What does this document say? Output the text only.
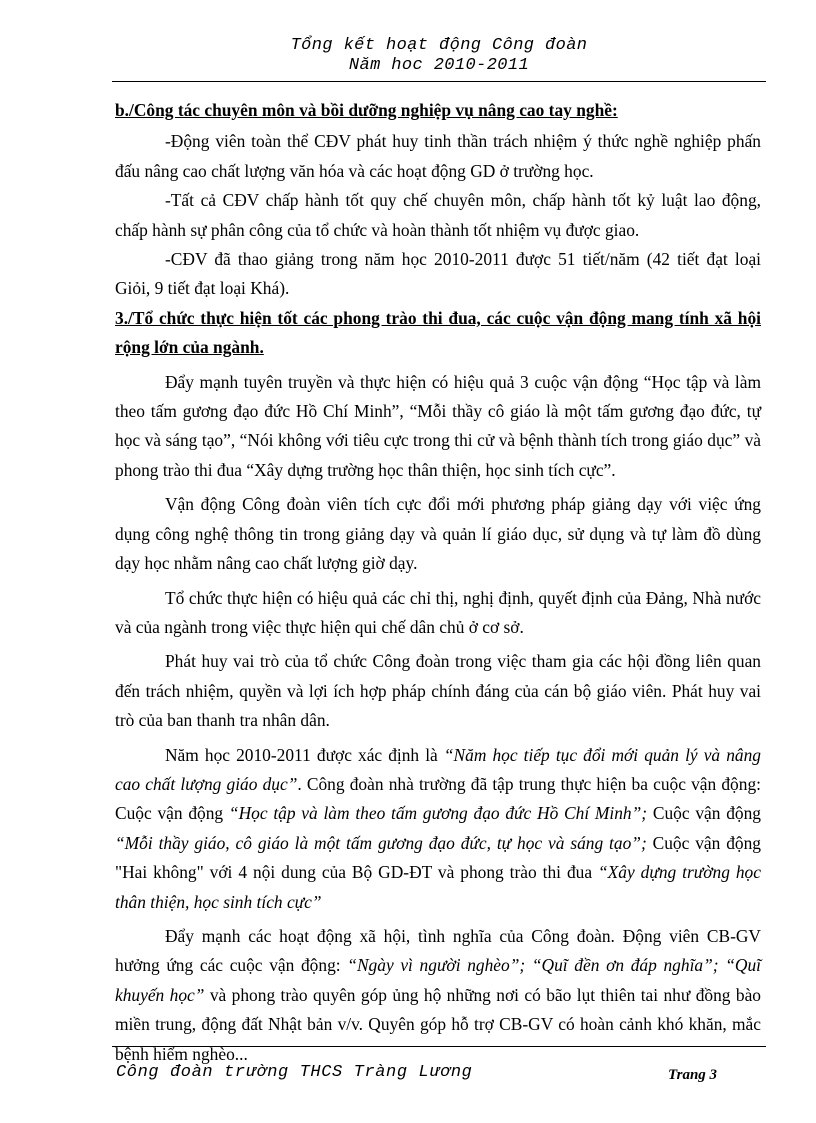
Tổng kết hoạt động Công đoàn
Năm hoc 2010-2011
b./Công tác chuyên môn và bồi dưỡng nghiệp vụ nâng cao tay nghề:

-Động viên toàn thể CĐV phát huy tinh thần trách nhiệm ý thức nghề nghiệp phấn đấu nâng cao chất lượng văn hóa và các hoạt động GD ở trường học.

-Tất cả CĐV chấp hành tốt quy chế chuyên môn, chấp hành tốt kỷ luật lao động, chấp hành sự phân công của tổ chức và hoàn thành tốt nhiệm vụ được giao.

-CĐV đã thao giảng trong năm học 2010-2011 được 51 tiết/năm (42 tiết đạt loại Giỏi, 9 tiết đạt loại Khá).

3./Tổ chức thực hiện tốt các phong trào thi đua, các cuộc vận động mang tính xã hội rộng lớn của ngành.

Đẩy mạnh tuyên truyền và thực hiện có hiệu quả 3 cuộc vận động “Học tập và làm theo tấm gương đạo đức Hồ Chí Minh”, “Mỗi thầy cô giáo là một tấm gương đạo đức, tự học và sáng tạo”, “Nói không với tiêu cực trong thi cử và bệnh thành tích trong giáo dục” và phong trào thi đua “Xây dựng trường học thân thiện, học sinh tích cực”.

Vận động Công đoàn viên tích cực đổi mới phương pháp giảng dạy với việc ứng dụng công nghệ thông tin trong giảng dạy và quản lí giáo dục, sử dụng và tự làm đồ dùng dạy học nhằm nâng cao chất lượng giờ dạy.

Tổ chức thực hiện có hiệu quả các chỉ thị, nghị định, quyết định của Đảng, Nhà nước và của ngành trong việc thực hiện qui chế dân chủ ở cơ sở.

Phát huy vai trò của tổ chức Công đoàn trong việc tham gia các hội đồng liên quan đến trách nhiệm, quyền và lợi ích hợp pháp chính đáng của cán bộ giáo viên. Phát huy vai trò của ban thanh tra nhân dân.

Năm học 2010-2011 được xác định là “Năm học tiếp tục đổi mới quản lý và nâng cao chất lượng giáo dục”. Công đoàn nhà trường đã tập trung thực hiện ba cuộc vận động: Cuộc vận động “Học tập và làm theo tấm gương đạo đức Hồ Chí Minh”; Cuộc vận động “Mỗi thầy giáo, cô giáo là một tấm gương đạo đức, tự học và sáng tạo”; Cuộc vận động "Hai không" với 4 nội dung của Bộ GD-ĐT và phong trào thi đua “Xây dựng trường học thân thiện, học sinh tích cực”

Đẩy mạnh các hoạt động xã hội, tình nghĩa của Công đoàn. Động viên CB-GV hưởng ứng các cuộc vận động: “Ngày vì người nghèo”; “Quĩ đền ơn đáp nghĩa”; “Quĩ khuyến học” và phong trào quyên góp ủng hộ những nơi có bão lụt thiên tai như đồng bào miền trung, động đất Nhật bản v/v. Quyên góp hỗ trợ CB-GV có hoàn cảnh khó khăn, mắc bệnh hiểm nghèo...

Công đoàn trường THCS Tràng Lương	Trang 3
